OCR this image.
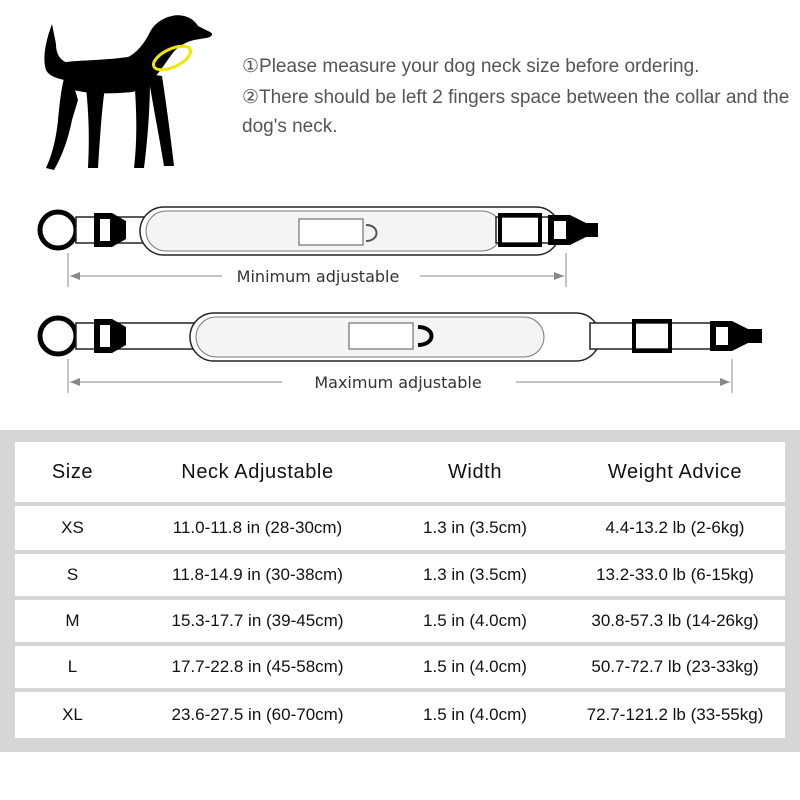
①Please measure your dog neck size before ordering.

②There should be left 2 fingers space between the collar and the dog's neck.

Minimum adjustable
Maximum adjustable
Size	Neck Adjustable	Width	Weight Advice
XS	11.0-11.8 in (28-30cm)	1.3 in (3.5cm)	4.4-13.2 lb (2-6kg)
S	11.8-14.9 in (30-38cm)	1.3 in (3.5cm)	13.2-33.0 lb (6-15kg)
M	15.3-17.7 in (39-45cm)	1.5 in (4.0cm)	30.8-57.3 lb (14-26kg)
L	17.7-22.8 in (45-58cm)	1.5 in (4.0cm)	50.7-72.7 lb (23-33kg)
XL	23.6-27.5 in (60-70cm)	1.5 in (4.0cm)	72.7-121.2 lb (33-55kg)
